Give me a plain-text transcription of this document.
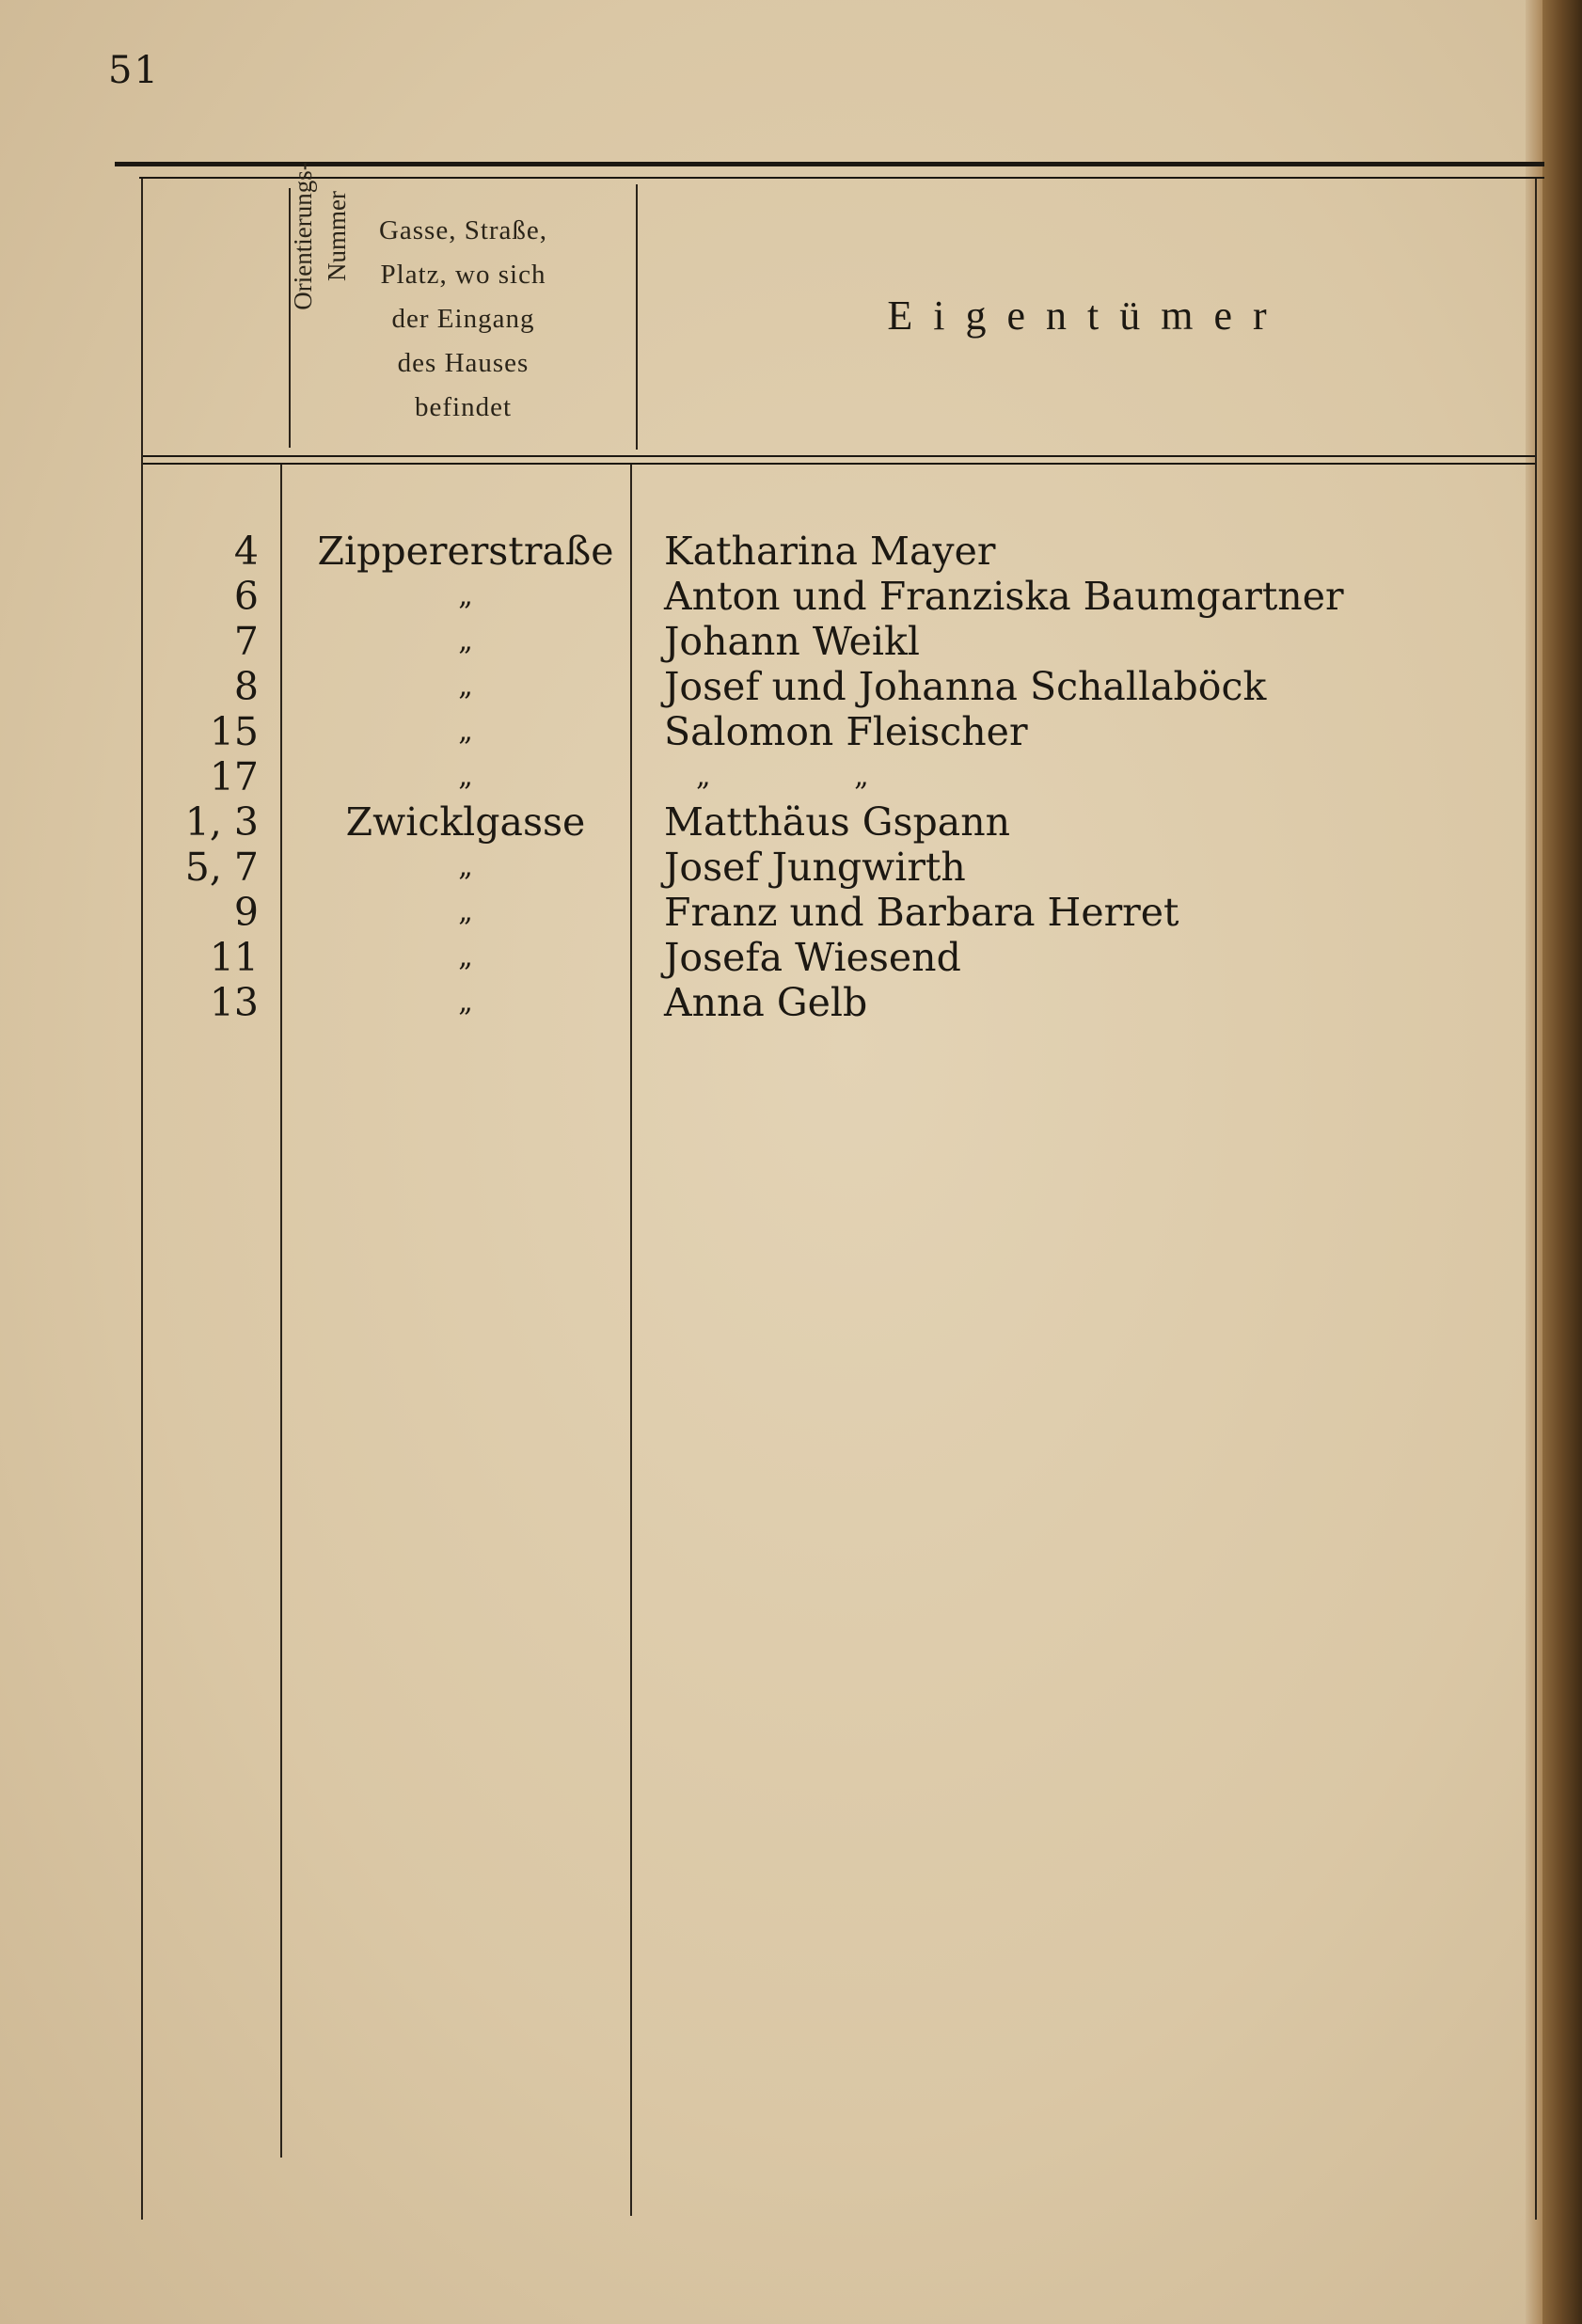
51
Orientierungs- Nummer	Gasse, Straße,
Platz, wo sich
der Eingang
des Hauses
befindet
Eigentümer
4	Zippererstraße	Katharina Mayer
6	„	Anton und Franziska Baumgartner
7	„	Johann Weikl
8	„	Josef und Johanna Schallaböck
15	„	Salomon Fleischer
17	„	„                „
1, 3	Zwicklgasse	Matthäus Gspann
5, 7	„	Josef Jungwirth
9	„	Franz und Barbara Herret
11	„	Josefa Wiesend
13	„	Anna Gelb
